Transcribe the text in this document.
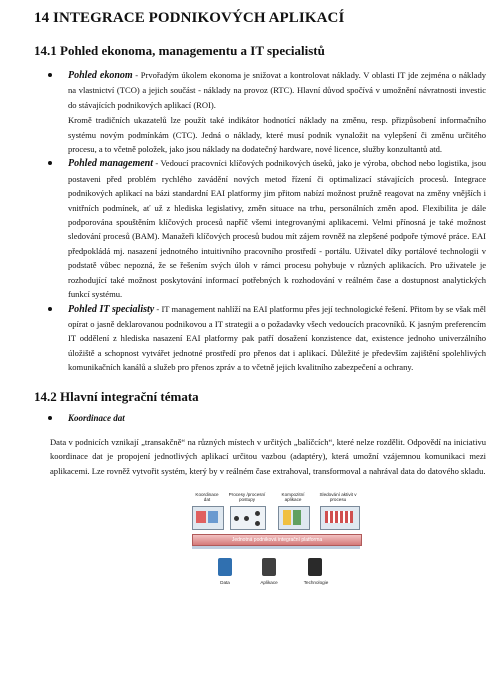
14 INTEGRACE PODNIKOVÝCH APLIKACÍ
14.1 Pohled ekonoma, managementu a IT specialistů
Pohled ekonom - Prvořadým úkolem ekonoma je snižovat a kontrolovat náklady. V oblasti IT jde zejména o náklady na vlastnictví (TCO) a jejich součást - náklady na provoz (RTC). Hlavní důvod spočívá v umožnění návratnosti investic do stávajících podnikových aplikací (ROI).
Kromě tradičních ukazatelů lze použít také indikátor hodnotící náklady na změnu, resp. přizpůsobení informačního systému novým podmínkám (CTC). Jedná o náklady, které musí podnik vynaložit na vylepšení či změnu určitého procesu, a to včetně položek, jako jsou náklady na dodatečný hardware, nové licence, služby konzultantů atd.
Pohled management - Vedoucí pracovníci klíčových podnikových úseků, jako je výroba, obchod nebo logistika, jsou postaveni před problém rychlého zavádění nových metod řízení či optimalizací stávajících procesů. Integrace podnikových aplikací na bázi standardní EAI platformy jim přitom nabízí možnost pružně reagovat na změny vnějších i vnitřních podmínek, ať už z hlediska legislativy, změn situace na trhu, personálních změn apod. Flexibilita je dále podporována spouštěním klíčových procesů napříč všemi integrovanými aplikacemi. Velmi přínosná je také možnost sledování procesů (BAM). Manažeři klíčových procesů budou mít zájem rovněž na zlepšené podpoře týmové práce. EAI předpokládá mj. nasazení jednotného intuitivního pracovního prostředí - portálu. Uživatel díky portálové technologii v podstatě vůbec nepozná, že se řešením svých úloh v rámci procesu pohybuje v různých aplikacích. Pro uživatele je rozhodující také možnost poskytování informací potřebných k rozhodování v reálném čase a dostupnost analytických funkcí systému.
Pohled IT specialisty - IT management nahlíží na EAI platformu přes její technologické řešení. Přitom by se však měl opírat o jasně deklarovanou podnikovou a IT strategii a o požadavky všech vedoucích pracovníků. K jasným preferencím IT oddělení z hlediska nasazení EAI platformy pak patří dosažení konzistence dat, existence jednoho univerzálního úložiště a schopnost vytvářet jednotné prostředí pro přenos dat i aplikací. Důležité je především zajištění spolehlivých komunikačních kanálů a služeb pro přenos zpráv a to včetně jejich kvalitního zabezpečení a ochrany.
14.2 Hlavní integrační témata
Koordinace dat

Data v podnicích vznikají „transakčně“ na různých místech v určitých „balíčcích“, které nelze rozdělit. Odpovědí na iniciativu koordinace dat je propojení jednotlivých aplikací určitou vazbou (adaptéry), která umožní vzájemnou komunikaci mezi aplikacemi. Lze rovněž vytvořit systém, který by v reálném čase extrahoval, transformoval a nahrával data do datového skladu.

Koordinace dat
Procesy /procesní postupy
Kompozitní aplikace
Sledování aktivit v procesu
Jednotná podniková integrační platforma
Data	Aplikace	Technologie
